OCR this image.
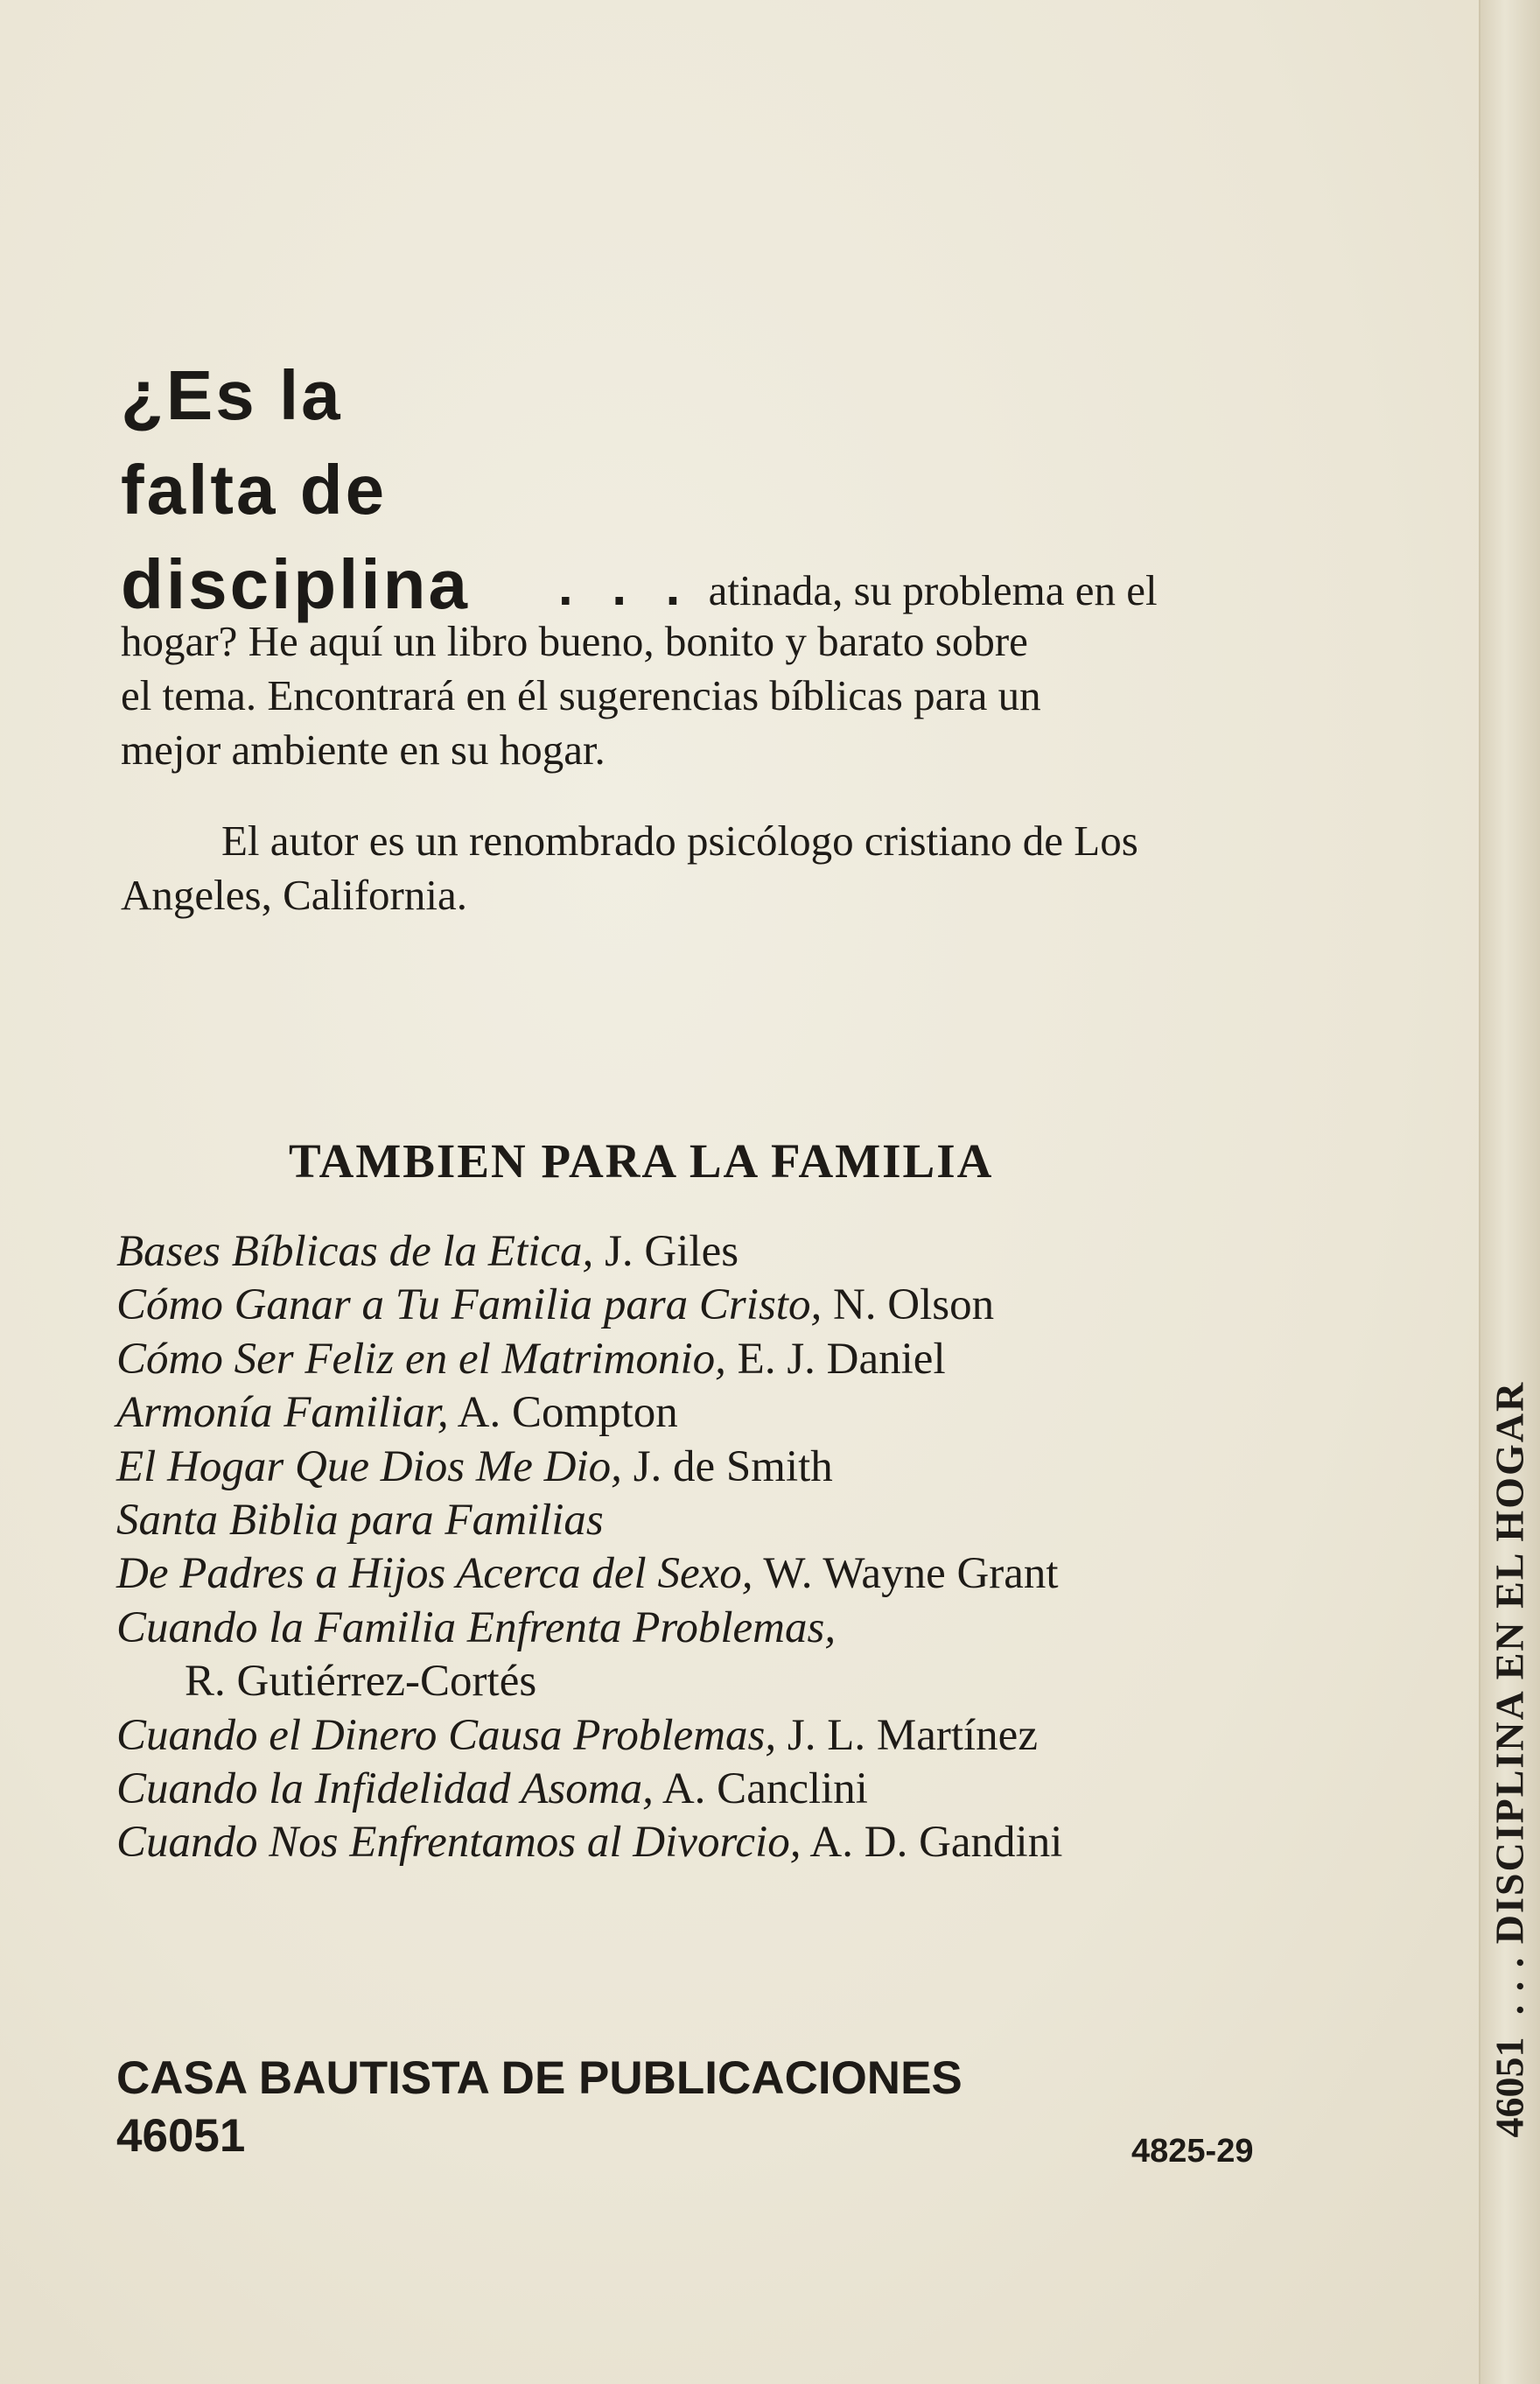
. . . DISCIPLINA EN EL HOGAR
46051
¿Es la
falta de
disciplina . . . atinada, su problema en el
hogar? He aquí un libro bueno, bonito y barato sobre
el tema. Encontrará en él sugerencias bíblicas para un
mejor ambiente en su hogar.
El autor es un renombrado psicólogo cristiano de Los Angeles, California.
TAMBIEN PARA LA FAMILIA
Bases Bíblicas de la Etica, J. Giles
Cómo Ganar a Tu Familia para Cristo, N. Olson
Cómo Ser Feliz en el Matrimonio, E. J. Daniel
Armonía Familiar, A. Compton
El Hogar Que Dios Me Dio, J. de Smith
Santa Biblia para Familias
De Padres a Hijos Acerca del Sexo, W. Wayne Grant
Cuando la Familia Enfrenta Problemas,
R. Gutiérrez-Cortés
Cuando el Dinero Causa Problemas, J. L. Martínez
Cuando la Infidelidad Asoma, A. Canclini
Cuando Nos Enfrentamos al Divorcio, A. D. Gandini
CASA BAUTISTA DE PUBLICACIONES
46051	4825-29
